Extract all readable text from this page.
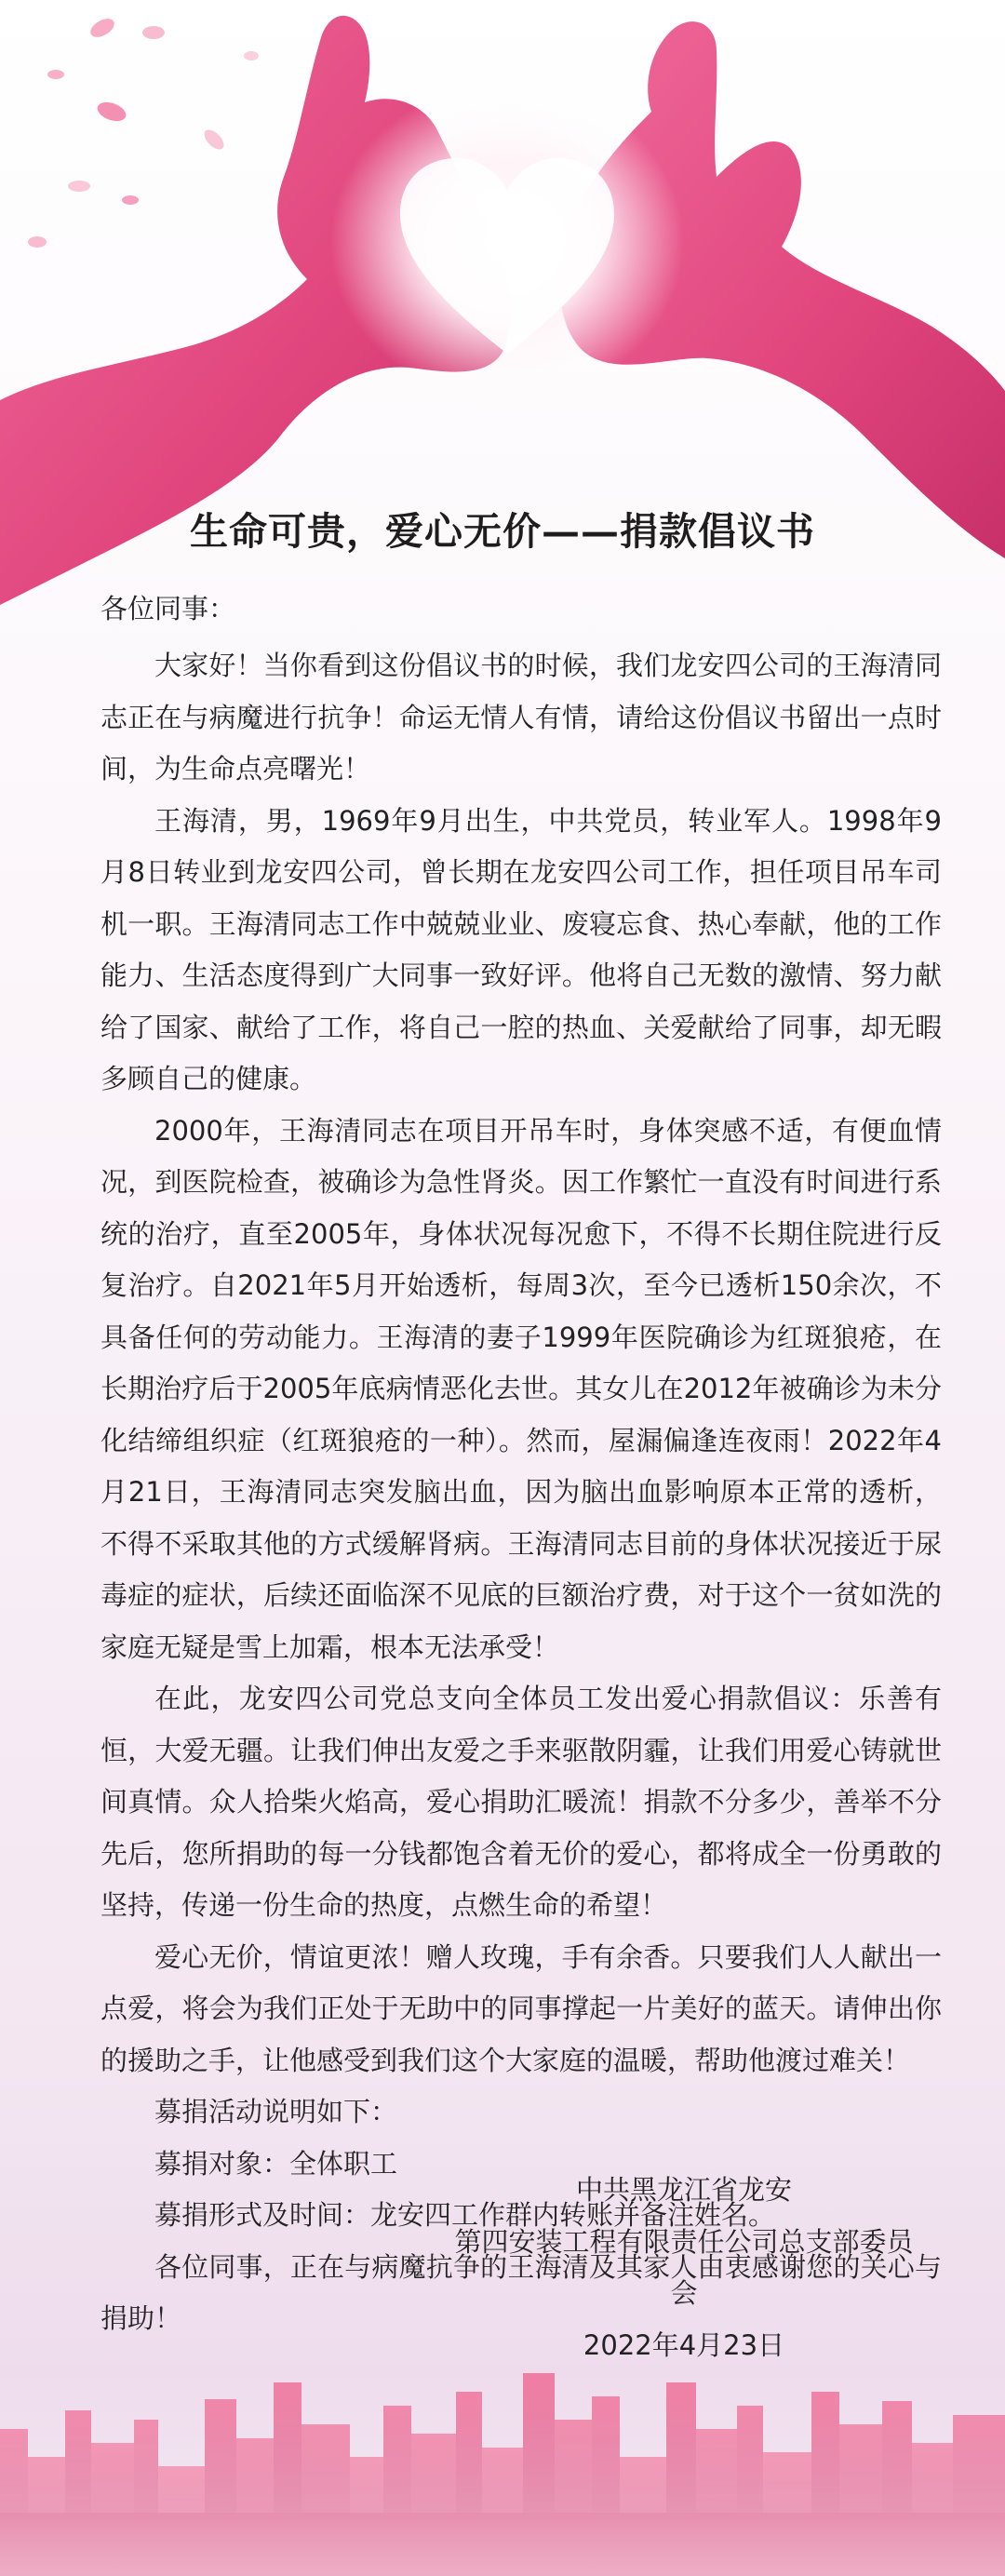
生命可贵，爱心无价——捐款倡议书

各位同事：

大家好！当你看到这份倡议书的时候，我们龙安四公司的王海清同志正在与病魔进行抗争！命运无情人有情，请给这份倡议书留出一点时间，为生命点亮曙光！

王海清，男，1969年9月出生，中共党员，转业军人。1998年9月8日转业到龙安四公司，曾长期在龙安四公司工作，担任项目吊车司机一职。王海清同志工作中兢兢业业、废寝忘食、热心奉献，他的工作能力、生活态度得到广大同事一致好评。他将自己无数的激情、努力献给了国家、献给了工作，将自己一腔的热血、关爱献给了同事，却无暇多顾自己的健康。

2000年，王海清同志在项目开吊车时，身体突感不适，有便血情况，到医院检查，被确诊为急性肾炎。因工作繁忙一直没有时间进行系统的治疗，直至2005年，身体状况每况愈下，不得不长期住院进行反复治疗。自2021年5月开始透析，每周3次，至今已透析150余次，不具备任何的劳动能力。王海清的妻子1999年医院确诊为红斑狼疮，在长期治疗后于2005年底病情恶化去世。其女儿在2012年被确诊为未分化结缔组织症（红斑狼疮的一种）。然而，屋漏偏逢连夜雨！2022年4月21日，王海清同志突发脑出血，因为脑出血影响原本正常的透析，不得不采取其他的方式缓解肾病。王海清同志目前的身体状况接近于尿毒症的症状，后续还面临深不见底的巨额治疗费，对于这个一贫如洗的家庭无疑是雪上加霜，根本无法承受！

在此，龙安四公司党总支向全体员工发出爱心捐款倡议：乐善有恒，大爱无疆。让我们伸出友爱之手来驱散阴霾，让我们用爱心铸就世间真情。众人拾柴火焰高，爱心捐助汇暖流！捐款不分多少，善举不分先后，您所捐助的每一分钱都饱含着无价的爱心，都将成全一份勇敢的坚持，传递一份生命的热度，点燃生命的希望！

爱心无价，情谊更浓！赠人玫瑰，手有余香。只要我们人人献出一点爱，将会为我们正处于无助中的同事撑起一片美好的蓝天。请伸出你的援助之手，让他感受到我们这个大家庭的温暖，帮助他渡过难关！

募捐活动说明如下：

募捐对象：全体职工

募捐形式及时间：龙安四工作群内转账并备注姓名。

各位同事，正在与病魔抗争的王海清及其家人由衷感谢您的关心与捐助！

中共黑龙江省龙安
第四安装工程有限责任公司总支部委员会
2022年4月23日
